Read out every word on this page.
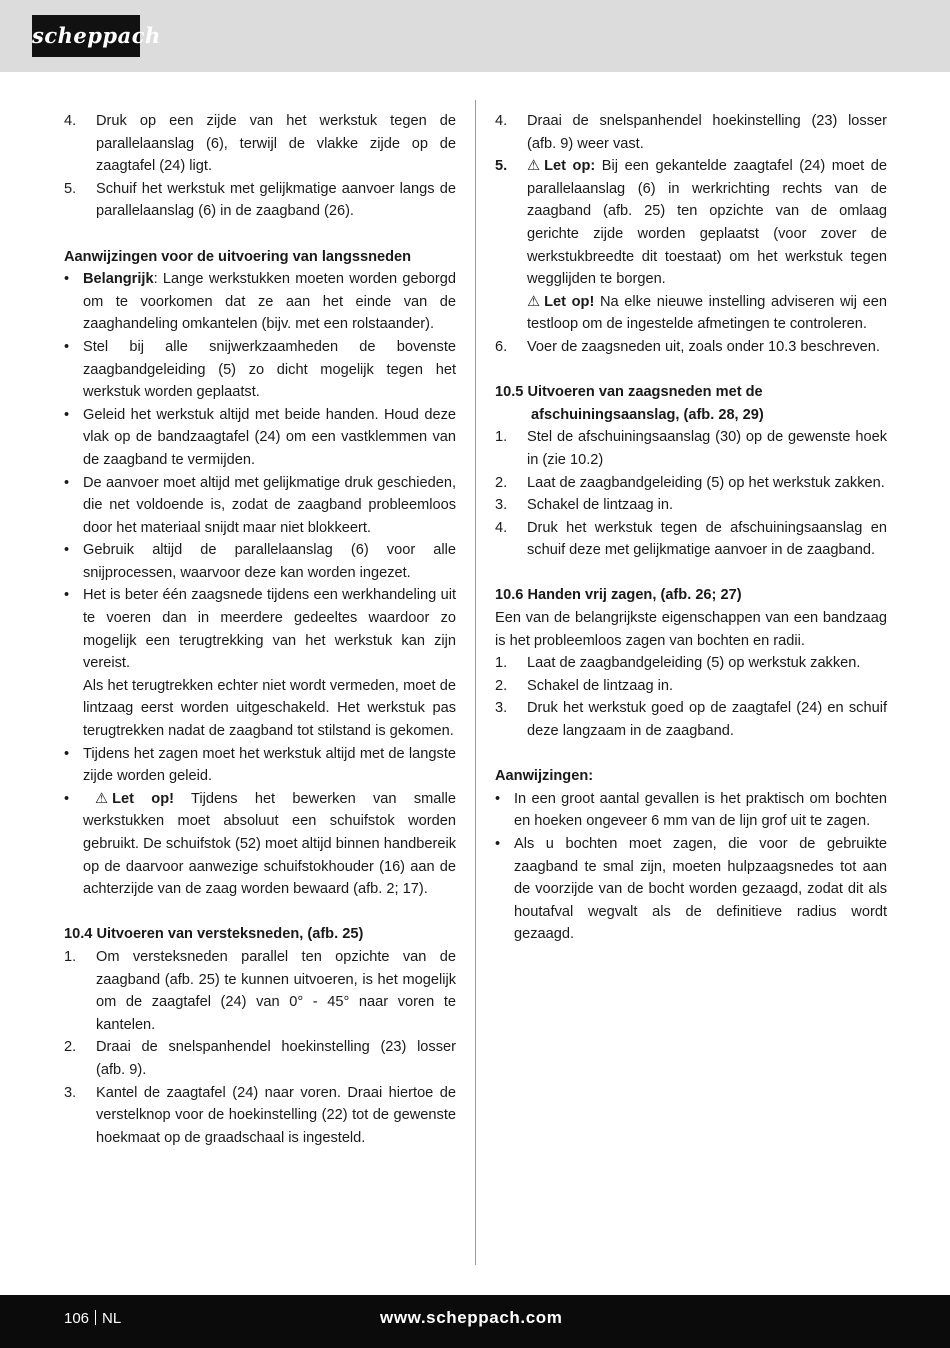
scheppach

4. Druk op een zijde van het werkstuk tegen de parallelaanslag (6), terwijl de vlakke zijde op de zaagtafel (24) ligt.

5. Schuif het werkstuk met gelijkmatige aanvoer langs de parallelaanslag (6) in de zaagband (26).

Aanwijzingen voor de uitvoering van langssneden

• Belangrijk: Lange werkstukken moeten worden geborgd om te voorkomen dat ze aan het einde van de zaaghandeling omkantelen (bijv. met een rolstaander).

• Stel bij alle snijwerkzaamheden de bovenste zaagbandgeleiding (5) zo dicht mogelijk tegen het werkstuk worden geplaatst.

• Geleid het werkstuk altijd met beide handen. Houd deze vlak op de bandzaagtafel (24) om een vastklemmen van de zaagband te vermijden.

• De aanvoer moet altijd met gelijkmatige druk geschieden, die net voldoende is, zodat de zaagband probleemloos door het materiaal snijdt maar niet blokkeert.

• Gebruik altijd de parallelaanslag (6) voor alle snijprocessen, waarvoor deze kan worden ingezet.

• Het is beter één zaagsnede tijdens een werkhandeling uit te voeren dan in meerdere gedeeltes waardoor zo mogelijk een terugtrekking van het werkstuk kan zijn vereist.

Als het terugtrekken echter niet wordt vermeden, moet de lintzaag eerst worden uitgeschakeld. Het werkstuk pas terugtrekken nadat de zaagband tot stilstand is gekomen.

• Tijdens het zagen moet het werkstuk altijd met de langste zijde worden geleid.

• ⚠ Let op! Tijdens het bewerken van smalle werkstukken moet absoluut een schuifstok worden gebruikt. De schuifstok (52) moet altijd binnen handbereik op de daarvoor aanwezige schuifstokhouder (16) aan de achterzijde van de zaag worden bewaard (afb. 2; 17).

10.4 Uitvoeren van versteksneden, (afb. 25)

1. Om versteksneden parallel ten opzichte van de zaagband (afb. 25) te kunnen uitvoeren, is het mogelijk om de zaagtafel (24) van 0° - 45° naar voren te kantelen.

2. Draai de snelspanhendel hoekinstelling (23) losser (afb. 9).

3. Kantel de zaagtafel (24) naar voren. Draai hiertoe de verstelknop voor de hoekinstelling (22) tot de gewenste hoekmaat op de graadschaal is ingesteld.

4. Draai de snelspanhendel hoekinstelling (23) losser (afb. 9) weer vast.

5. ⚠ Let op: Bij een gekantelde zaagtafel (24) moet de parallelaanslag (6) in werkrichting rechts van de zaagband (afb. 25) ten opzichte van de omlaag gerichte zijde worden geplaatst (voor zover de werkstukbreedte dit toestaat) om het werkstuk tegen wegglijden te borgen.

⚠ Let op! Na elke nieuwe instelling adviseren wij een testloop om de ingestelde afmetingen te controleren.

6. Voer de zaagsneden uit, zoals onder 10.3 beschreven.

10.5 Uitvoeren van zaagsneden met de afschuiningsaanslag, (afb. 28, 29)

1. Stel de afschuiningsaanslag (30) op de gewenste hoek in (zie 10.2)

2. Laat de zaagbandgeleiding (5) op het werkstuk zakken.

3. Schakel de lintzaag in.

4. Druk het werkstuk tegen de afschuiningsaanslag en schuif deze met gelijkmatige aanvoer in de zaagband.

10.6 Handen vrij zagen, (afb. 26; 27)

Een van de belangrijkste eigenschappen van een bandzaag is het probleemloos zagen van bochten en radii.

1. Laat de zaagbandgeleiding (5) op werkstuk zakken.

2. Schakel de lintzaag in.

3. Druk het werkstuk goed op de zaagtafel (24) en schuif deze langzaam in de zaagband.

Aanwijzingen:

• In een groot aantal gevallen is het praktisch om bochten en hoeken ongeveer 6 mm van de lijn grof uit te zagen.

• Als u bochten moet zagen, die voor de gebruikte zaagband te smal zijn, moeten hulpzaagsnedes tot aan de voorzijde van de bocht worden gezaagd, zodat dit als houtafval wegvalt als de definitieve radius wordt gezaagd.

106 NL	www.scheppach.com
